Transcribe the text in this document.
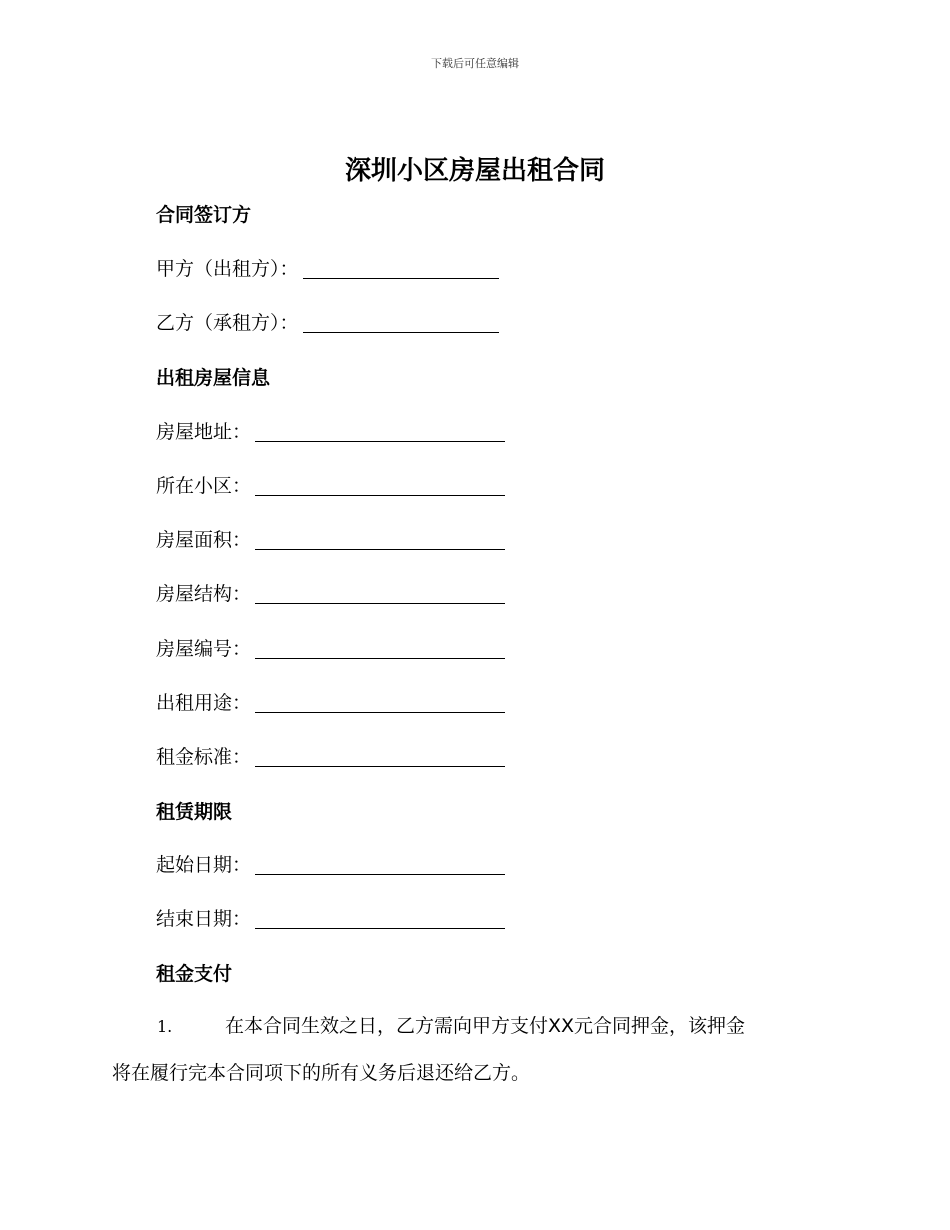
下载后可任意编辑
深圳小区房屋出租合同
合同签订方
甲方（出租方）：
乙方（承租方）：
出租房屋信息
房屋地址：
所在小区：
房屋面积：
房屋结构：
房屋编号：
出租用途：
租金标准：
租赁期限
起始日期：
结束日期：
租金支付
1.	在本合同生效之日，乙方需向甲方支付XX元合同押金，该押金
将在履行完本合同项下的所有义务后退还给乙方。
